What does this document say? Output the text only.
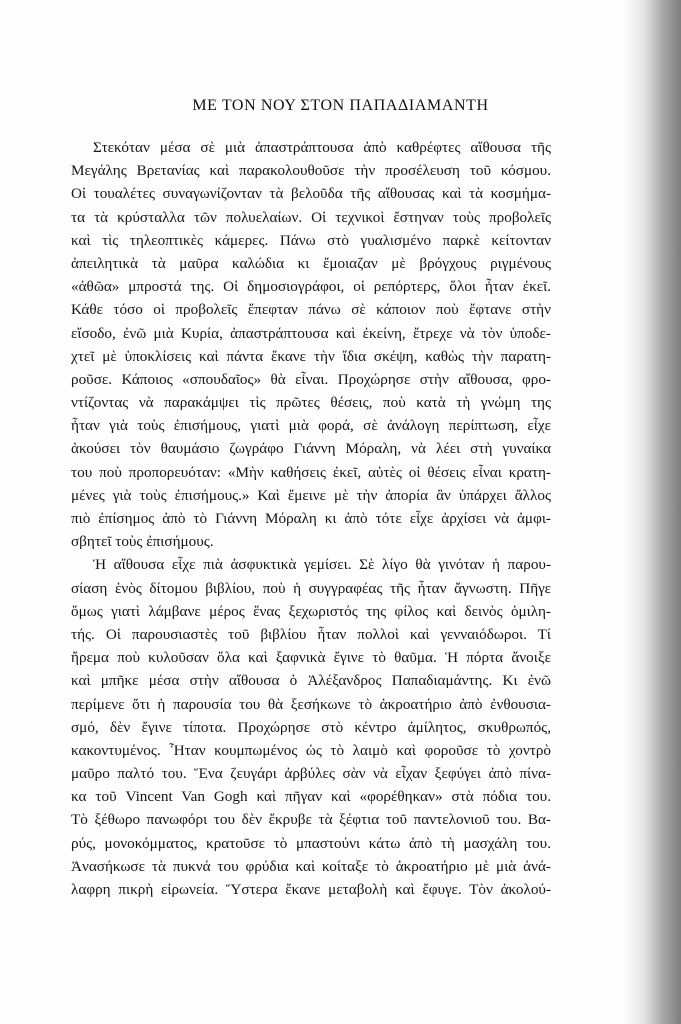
ΜΕ ΤΟΝ ΝΟΥ ΣΤΟΝ ΠΑΠΑΔΙΑΜΑΝΤΗ
Στεκόταν μέσα σὲ μιὰ ἀπαστράπτουσα ἀπὸ καθρέφτες αἴθουσα τῆς
Μεγάλης Βρετανίας καὶ παρακολουθοῦσε τὴν προσέλευση τοῦ κόσμου.
Οἱ τουαλέτες συναγωνίζονταν τὰ βελοῦδα τῆς αἴθουσας καὶ τὰ κοσμήμα-
τα τὰ κρύσταλλα τῶν πολυελαίων. Οἱ τεχνικοὶ ἔστηναν τοὺς προβολεῖς
καὶ τὶς τηλεοπτικὲς κάμερες. Πάνω στὸ γυαλισμένο παρκὲ κείτονταν
ἀπειλητικὰ τὰ μαῦρα καλώδια κι ἔμοιαζαν μὲ βρόγχους ριγμένους
«ἀθῶα» μπροστά της. Οἱ δημοσιογράφοι, οἱ ρεπόρτερς, ὅλοι ἦταν ἐκεῖ.
Κάθε τόσο οἱ προβολεῖς ἔπεφταν πάνω σὲ κάποιον ποὺ ἔφτανε στὴν
εἴσοδο, ἐνῶ μιὰ Κυρία, ἀπαστράπτουσα καὶ ἐκείνη, ἔτρεχε νὰ τὸν ὑποδε-
χτεῖ μὲ ὑποκλίσεις καὶ πάντα ἔκανε τὴν ἴδια σκέψη, καθὼς τὴν παρατη-
ροῦσε. Κάποιος «σπουδαῖος» θὰ εἶναι. Προχώρησε στὴν αἴθουσα, φρο-
ντίζοντας νὰ παρακάμψει τὶς πρῶτες θέσεις, ποὺ κατὰ τὴ γνώμη της
ἦταν γιὰ τοὺς ἐπισήμους, γιατὶ μιὰ φορά, σὲ ἀνάλογη περίπτωση, εἶχε
ἀκούσει τὸν θαυμάσιο ζωγράφο Γιάννη Μόραλη, νὰ λέει στὴ γυναίκα
του ποὺ προπορευόταν: «Μὴν καθήσεις ἐκεῖ, αὐτὲς οἱ θέσεις εἶναι κρατη-
μένες γιὰ τοὺς ἐπισήμους.» Καὶ ἔμεινε μὲ τὴν ἀπορία ἂν ὑπάρχει ἄλλος
πιὸ ἐπίσημος ἀπὸ τὸ Γιάννη Μόραλη κι ἀπὸ τότε εἶχε ἀρχίσει νὰ ἀμφι-
σβητεῖ τοὺς ἐπισήμους.
Ἡ αἴθουσα εἶχε πιὰ ἀσφυκτικὰ γεμίσει. Σὲ λίγο θὰ γινόταν ἡ παρου-
σίαση ἑνὸς δίτομου βιβλίου, ποὺ ἡ συγγραφέας τῆς ἦταν ἄγνωστη. Πῆγε
ὅμως γιατὶ λάμβανε μέρος ἕνας ξεχωριστός της φίλος καὶ δεινὸς ὁμιλη-
τής. Οἱ παρουσιαστὲς τοῦ βιβλίου ἦταν πολλοὶ καὶ γενναιόδωροι. Τί
ἤρεμα ποὺ κυλοῦσαν ὅλα καὶ ξαφνικὰ ἔγινε τὸ θαῦμα. Ἡ πόρτα ἄνοιξε
καὶ μπῆκε μέσα στὴν αἴθουσα ὁ Ἀλέξανδρος Παπαδιαμάντης. Κι ἐνῶ
περίμενε ὅτι ἡ παρουσία του θὰ ξεσήκωνε τὸ ἀκροατήριο ἀπὸ ἐνθουσια-
σμό, δὲν ἔγινε τίποτα. Προχώρησε στὸ κέντρο ἀμίλητος, σκυθρωπός,
κακοντυμένος. Ἦταν κουμπωμένος ὡς τὸ λαιμὸ καὶ φοροῦσε τὸ χοντρὸ
μαῦρο παλτό του. Ἕνα ζευγάρι ἀρβύλες σὰν νὰ εἶχαν ξεφύγει ἀπὸ πίνα-
κα τοῦ Vincent Van Gogh καὶ πῆγαν καὶ «φορέθηκαν» στὰ πόδια του.
Τὸ ξέθωρο πανωφόρι του δὲν ἔκρυβε τὰ ξέφτια τοῦ παντελονιοῦ του. Βα-
ρύς, μονοκόμματος, κρατοῦσε τὸ μπαστούνι κάτω ἀπὸ τὴ μασχάλη του.
Ἀνασήκωσε τὰ πυκνά του φρύδια καὶ κοίταξε τὸ ἀκροατήριο μὲ μιὰ ἀνά-
λαφρη πικρὴ εἰρωνεία. Ὕστερα ἔκανε μεταβολὴ καὶ ἔφυγε. Τὸν ἀκολού-
